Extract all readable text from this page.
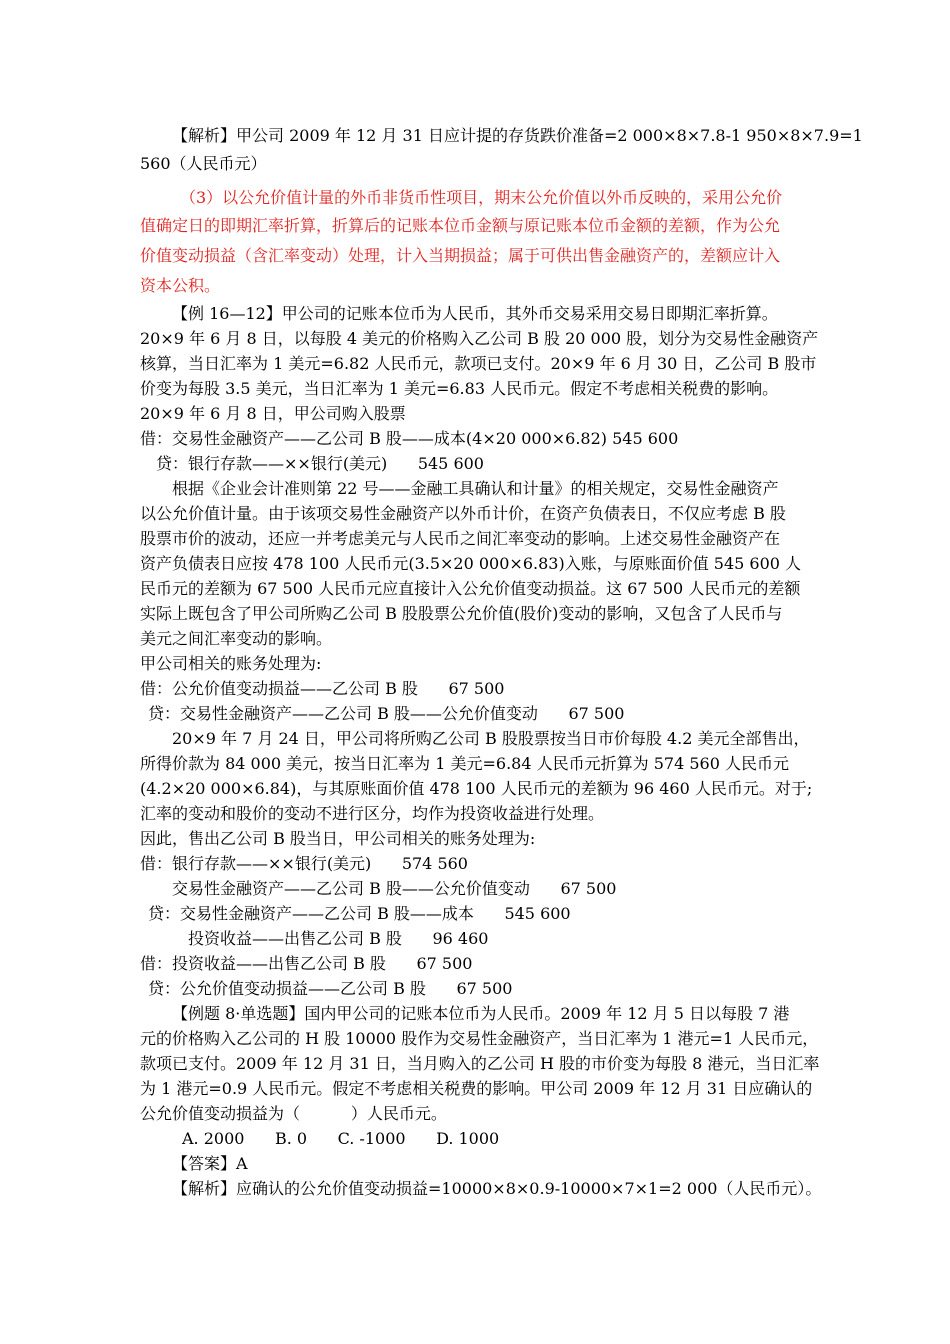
【解析】甲公司 2009 年 12 月 31 日应计提的存货跌价准备=2 000×8×7.8-1 950×8×7.9=1
560（人民币元）
（3）以公允价值计量的外币非货币性项目，期末公允价值以外币反映的，采用公允价
值确定日的即期汇率折算，折算后的记账本位币金额与原记账本位币金额的差额，作为公允
价值变动损益（含汇率变动）处理，计入当期损益；属于可供出售金融资产的，差额应计入
资本公积。
【例 16—12】甲公司的记账本位币为人民币，其外币交易采用交易日即期汇率折算。
20×9 年 6 月 8 日，以每股 4 美元的价格购入乙公司 B 股 20 000 股，划分为交易性金融资产
核算，当日汇率为 1 美元=6.82 人民币元，款项已支付。20×9 年 6 月 30 日，乙公司 B 股市
价变为每股 3.5 美元，当日汇率为 1 美元=6.83 人民币元。假定不考虑相关税费的影响。
20×9 年 6 月 8 日，甲公司购入股票
借：交易性金融资产——乙公司 B 股——成本(4×20 000×6.82) 545 600
贷：银行存款——××银行(美元)      545 600
根据《企业会计准则第 22 号——金融工具确认和计量》的相关规定，交易性金融资产
以公允价值计量。由于该项交易性金融资产以外币计价，在资产负债表日，不仅应考虑 B 股
股票市价的波动，还应一并考虑美元与人民币之间汇率变动的影响。上述交易性金融资产在
资产负债表日应按 478 100 人民币元(3.5×20 000×6.83)入账，与原账面价值 545 600 人
民币元的差额为 67 500 人民币元应直接计入公允价值变动损益。这 67 500 人民币元的差额
实际上既包含了甲公司所购乙公司 B 股股票公允价值(股价)变动的影响，又包含了人民币与
美元之间汇率变动的影响。
甲公司相关的账务处理为:
借：公允价值变动损益——乙公司 B 股      67 500
贷：交易性金融资产——乙公司 B 股——公允价值变动      67 500
20×9 年 7 月 24 日，甲公司将所购乙公司 B 股股票按当日市价每股 4.2 美元全部售出，
所得价款为 84 000 美元，按当日汇率为 1 美元=6.84 人民币元折算为 574 560 人民币元
(4.2×20 000×6.84)，与其原账面价值 478 100 人民币元的差额为 96 460 人民币元。对于;
汇率的变动和股价的变动不进行区分，均作为投资收益进行处理。
因此，售出乙公司 B 股当日，甲公司相关的账务处理为:
借：银行存款——××银行(美元)      574 560
交易性金融资产——乙公司 B 股——公允价值变动      67 500
贷：交易性金融资产——乙公司 B 股——成本      545 600
投资收益——出售乙公司 B 股      96 460
借：投资收益——出售乙公司 B 股      67 500
贷：公允价值变动损益——乙公司 B 股      67 500
【例题 8·单选题】国内甲公司的记账本位币为人民币。2009 年 12 月 5 日以每股 7 港
元的价格购入乙公司的 H 股 10000 股作为交易性金融资产，当日汇率为 1 港元=1 人民币元，
款项已支付。2009 年 12 月 31 日，当月购入的乙公司 H 股的市价变为每股 8 港元，当日汇率
为 1 港元=0.9 人民币元。假定不考虑相关税费的影响。甲公司 2009 年 12 月 31 日应确认的
公允价值变动损益为（          ）人民币元。
A. 2000      B. 0      C. -1000      D. 1000
【答案】A
【解析】应确认的公允价值变动损益=10000×8×0.9-10000×7×1=2 000（人民币元）。
